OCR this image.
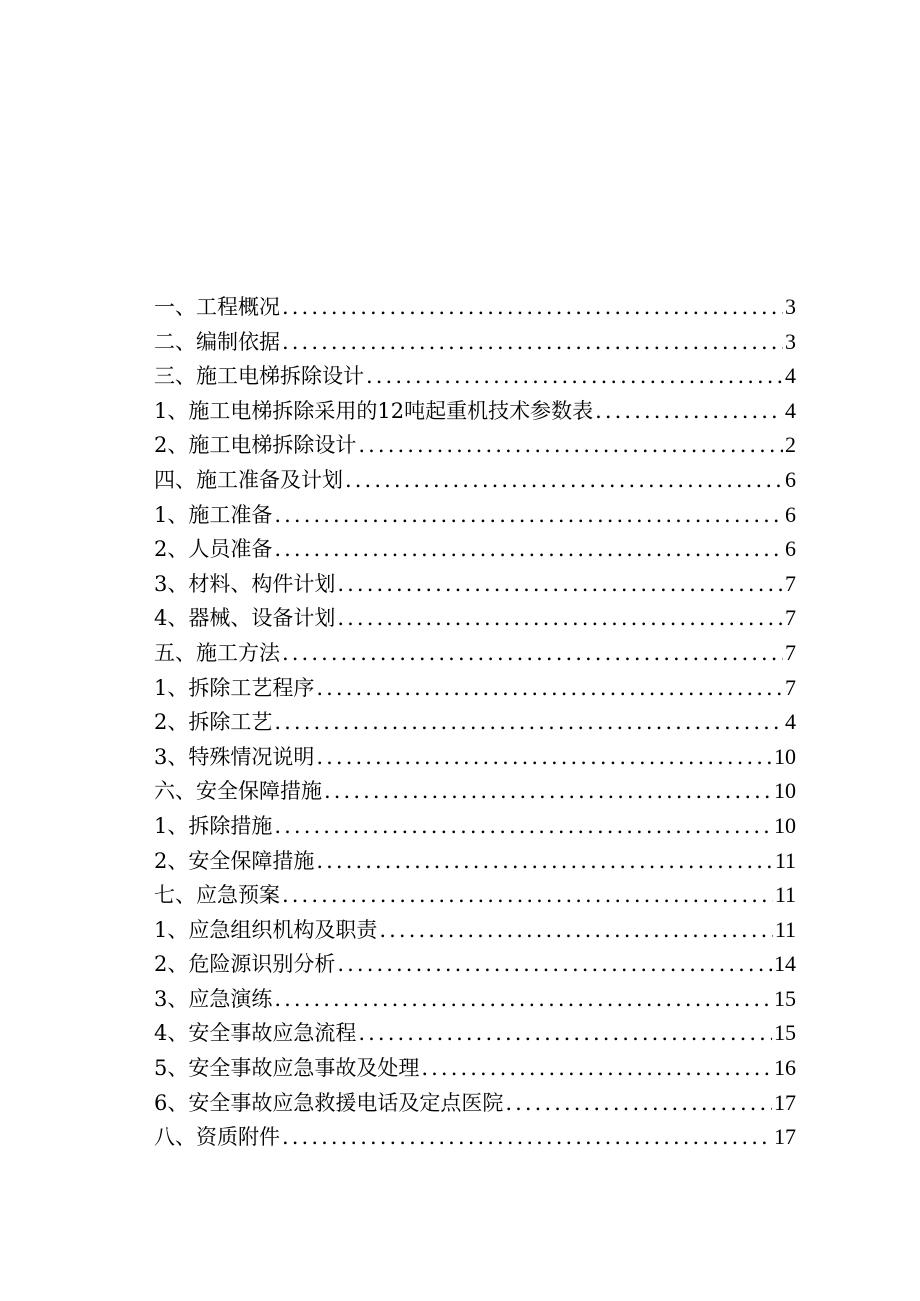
一、工程概况 .....	3
二、编制依据 .....	3
三、施工电梯拆除设计 .....	4
1、施工电梯拆除采用的12吨起重机技术参数表 .....	4
2、施工电梯拆除设计 .....	2
四、施工准备及计划 .....	6
1、施工准备 .....	6
2、人员准备 .....	6
3、材料、构件计划 .....	7
4、器械、设备计划 .....	7
五、施工方法 .....	7
1、拆除工艺程序 .....	7
2、拆除工艺 .....	4
3、特殊情况说明 .....	10
六、安全保障措施 .....	10
1、拆除措施 .....	10
2、安全保障措施 .....	11
七、应急预案 .....	11
1、应急组织机构及职责 .....	11
2、危险源识别分析 .....	14
3、应急演练 .....	15
4、安全事故应急流程 .....	15
5、安全事故应急事故及处理 .....	16
6、安全事故应急救援电话及定点医院 .....	17
八、资质附件 .....	17
